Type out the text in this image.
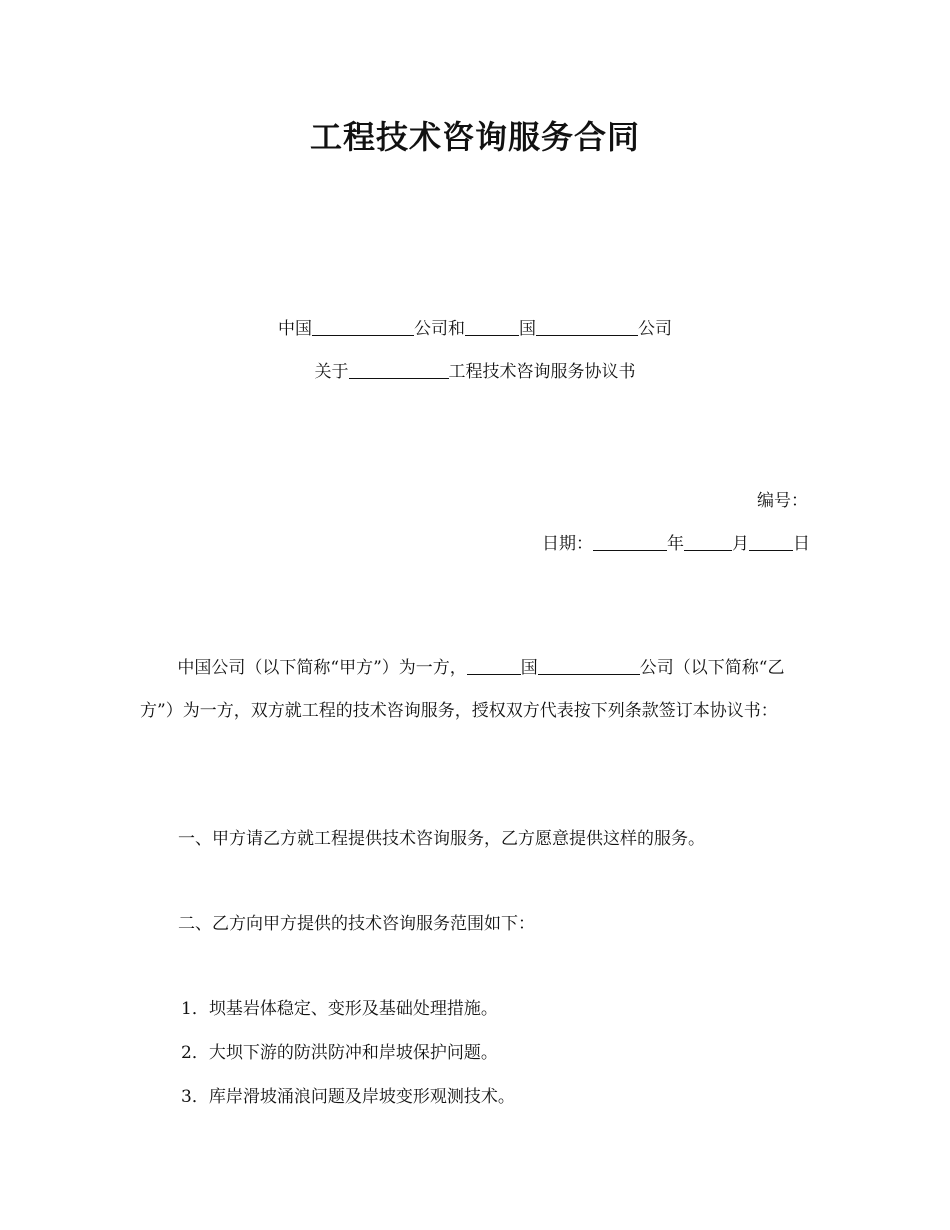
工程技术咨询服务合同
中国	公司和	国	公司
关于	工程技术咨询服务协议书
编号：
日期：	年	月	日
中国公司（以下简称“甲方”）为一方，	国	公司（以下简称“乙方”）为一方，双方就工程的技术咨询服务，授权双方代表按下列条款签订本协议书：
一、甲方请乙方就工程提供技术咨询服务，乙方愿意提供这样的服务。
二、乙方向甲方提供的技术咨询服务范围如下：
1．坝基岩体稳定、变形及基础处理措施。
2．大坝下游的防洪防冲和岸坡保护问题。
3．库岸滑坡涌浪问题及岸坡变形观测技术。
